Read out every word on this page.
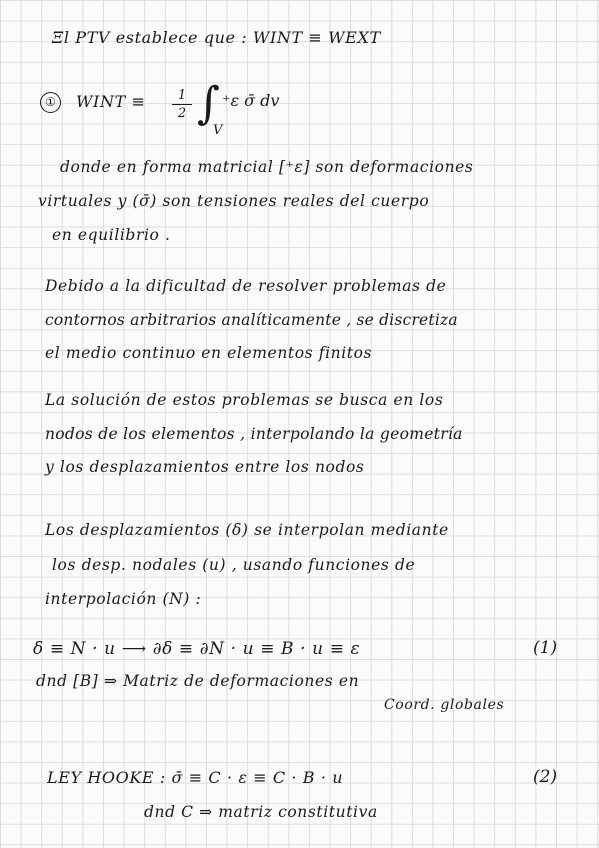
Ξl PTV establece que : WINT ≡ WEXT
①	WINT ≡	1
2 ∫
V
⁺ε σ̄ dv
donde en forma matricial [⁺ε] son deformaciones
virtuales y (σ̄) son tensiones reales del cuerpo
en equilibrio .
Debido a la dificultad de resolver problemas de
contornos arbitrarios analíticamente , se discretiza
el medio continuo en elementos finitos
La solución de estos problemas se busca en los
nodos de los elementos , interpolando la geometría
y los desplazamientos entre los nodos
Los desplazamientos (δ) se interpolan mediante
los desp. nodales (u) , usando funciones de
interpolación (N) :
δ ≡ N · u ⟶ ∂δ ≡ ∂N · u ≡ B · u ≡ ε	(1)
dnd [B] ⇒ Matriz de deformaciones en
Coord. globales
LEY HOOKE : σ̄ ≡ C · ε ≡ C · B · u	(2)
dnd C ⇒ matriz constitutiva
